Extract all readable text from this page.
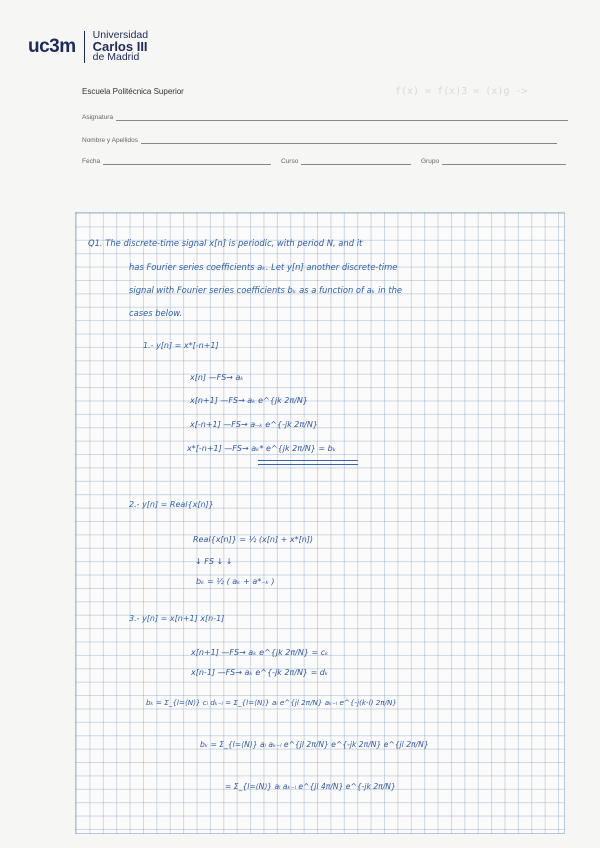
uc3m
Universidad
Carlos III
de Madrid
f(x) = f(x)3 = (x)g ->
Escuela Politécnica Superior
Asignatura
Nombre y Apellidos
Fecha	Curso	Grupo
Q1. The discrete-time signal x[n] is periodic, with period N, and it
has Fourier series coefficients aₖ. Let y[n] another discrete-time
signal with Fourier series coefficients bₖ as a function of aₖ in the
cases below.
1.- y[n] = x*[-n+1]
x[n] —FS→ aₖ
x[n+1] —FS→ aₖ e^{jk 2π/N}
x[-n+1] —FS→ a₋ₖ e^{-jk 2π/N}
x*[-n+1] —FS→ aₖ* e^{jk 2π/N} = bₖ
2.- y[n] = Real{x[n]}
Real{x[n]} = ½ (x[n] + x*[n])
↓ FS ↓ ↓
bₖ = ½ ( aₖ + a*₋ₖ )
3.- y[n] = x[n+1] x[n-1]
x[n+1] —FS→ aₖ e^{jk 2π/N} = cₖ
x[n-1] —FS→ aₖ e^{-jk 2π/N} = dₖ
bₖ = Σ_{l=⟨N⟩} cₗ dₖ₋ₗ = Σ_{l=⟨N⟩} aₗ e^{jl 2π/N} aₖ₋ₗ e^{-j(k-l) 2π/N}
bₖ = Σ_{l=⟨N⟩} aₗ aₖ₋ₗ e^{jl 2π/N} e^{-jk 2π/N} e^{jl 2π/N}
= Σ_{l=⟨N⟩} aₗ aₖ₋ₗ e^{jl 4π/N} e^{-jk 2π/N}
